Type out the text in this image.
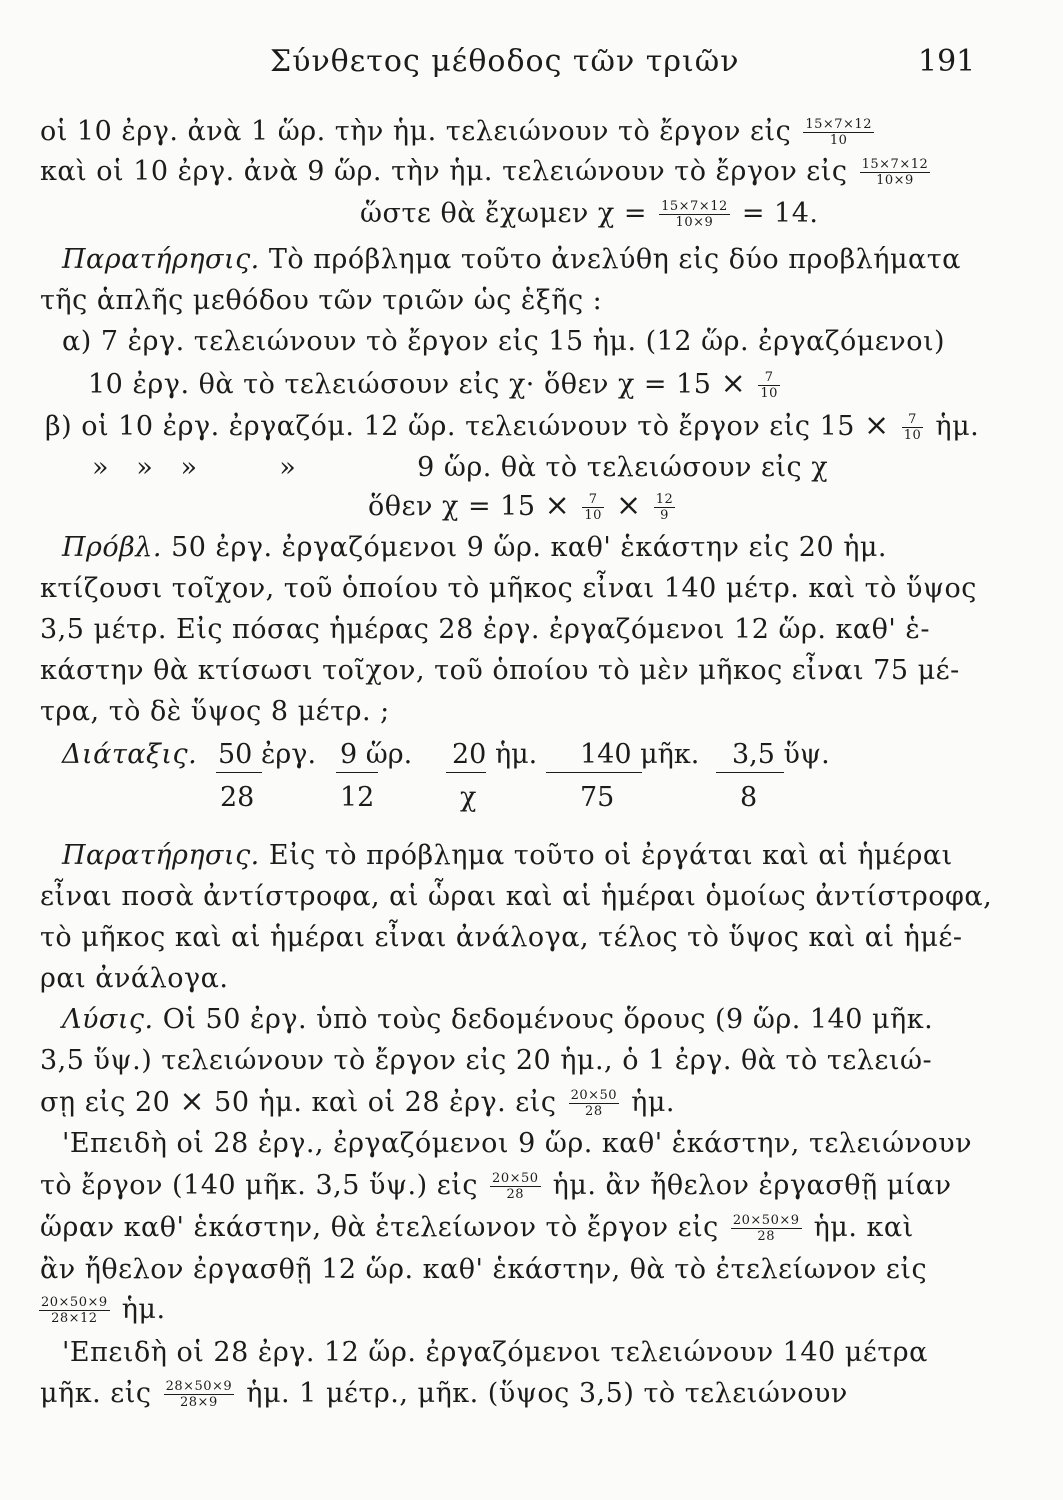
Σύνθετος μέθοδος τῶν τριῶν	191
οἱ 10 ἐργ. ἀνὰ 1 ὥρ. τὴν ἡμ. τελειώνουν τὸ ἔργον εἰς $\frac{15\times 7\times 12}{10}$
καὶ οἱ 10 ἐργ. ἀνὰ 9 ὥρ. τὴν ἡμ. τελειώνουν τὸ ἔργον εἰς $\frac{15\times 7\times 12}{10\times 9}$
ὥστε θὰ ἔχωμεν $\chi = \frac{15\times 7\times 12}{10\times 9} = 14$.
Παρατήρησις. Τὸ πρόβλημα τοῦτο ἀνελύθη εἰς δύο προβλήματα
τῆς ἁπλῆς μεθόδου τῶν τριῶν ὡς ἑξῆς :
α) 7 ἐργ. τελειώνουν τὸ ἔργον εἰς 15 ἡμ. (12 ὥρ. ἐργαζόμενοι)
10 ἐργ. θὰ τὸ τελειώσουν εἰς χ· ὅθεν $\chi = 15 \times \frac{7}{10}$
β) οἱ 10 ἐργ. ἐργαζόμ. 12 ὥρ. τελειώνουν τὸ ἔργον εἰς $15 \times \frac{7}{10}$ ἡμ.
»   »   »         »	9 ὥρ. θὰ τὸ τελειώσουν εἰς χ
ὅθεν $\chi = 15 \times \frac{7}{10} \times \frac{12}{9}$
Πρόβλ. 50 ἐργ. ἐργαζόμενοι 9 ὥρ. καθ' ἑκάστην εἰς 20 ἡμ.
κτίζουσι τοῖχον, τοῦ ὁποίου τὸ μῆκος εἶναι 140 μέτρ. καὶ τὸ ὕψος
3,5 μέτρ. Εἰς πόσας ἡμέρας 28 ἐργ. ἐργαζόμενοι 12 ὥρ. καθ' ἑ-
κάστην θὰ κτίσωσι τοῖχον, τοῦ ὁποίου τὸ μὲν μῆκος εἶναι 75 μέ-
τρα, τὸ δὲ ὕψος 8 μέτρ. ;
Διάταξις. 50 ἐργ. 9 ὥρ. 20 ἡμ. 140 μῆκ. 3,5 ὕψ.
28	12	χ	75	8
Παρατήρησις. Εἰς τὸ πρόβλημα τοῦτο οἱ ἐργάται καὶ αἱ ἡμέραι
εἶναι ποσὰ ἀντίστροφα, αἱ ὧραι καὶ αἱ ἡμέραι ὁμοίως ἀντίστροφα,
τὸ μῆκος καὶ αἱ ἡμέραι εἶναι ἀνάλογα, τέλος τὸ ὕψος καὶ αἱ ἡμέ-
ραι ἀνάλογα.
Λύσις. Οἱ 50 ἐργ. ὑπὸ τοὺς δεδομένους ὅρους (9 ὥρ. 140 μῆκ.
3,5 ὕψ.) τελειώνουν τὸ ἔργον εἰς 20 ἡμ., ὁ 1 ἐργ. θὰ τὸ τελειώ-
σῃ εἰς 20 × 50 ἡμ. καὶ οἱ 28 ἐργ. εἰς $\frac{20\times 50}{28}$ ἡμ.
'Επειδὴ οἱ 28 ἐργ., ἐργαζόμενοι 9 ὥρ. καθ' ἑκάστην, τελειώνουν
τὸ ἔργον (140 μῆκ. 3,5 ὕψ.) εἰς $\frac{20\times 50}{28}$ ἡμ. ἂν ἤθελον ἐργασθῇ μίαν
ὥραν καθ' ἑκάστην, θὰ ἐτελείωνον τὸ ἔργον εἰς $\frac{20\times 50\times 9}{28}$ ἡμ. καὶ
ἂν ἤθελον ἐργασθῇ 12 ὥρ. καθ' ἑκάστην, θὰ τὸ ἐτελείωνον εἰς
$\frac{20\times 50\times 9}{28\times 12}$ ἡμ.
'Επειδὴ οἱ 28 ἐργ. 12 ὥρ. ἐργαζόμενοι τελειώνουν 140 μέτρα
μῆκ. εἰς $\frac{28\times 50\times 9}{28\times 9}$ ἡμ. 1 μέτρ., μῆκ. (ὕψος 3,5) τὸ τελειώνουν
